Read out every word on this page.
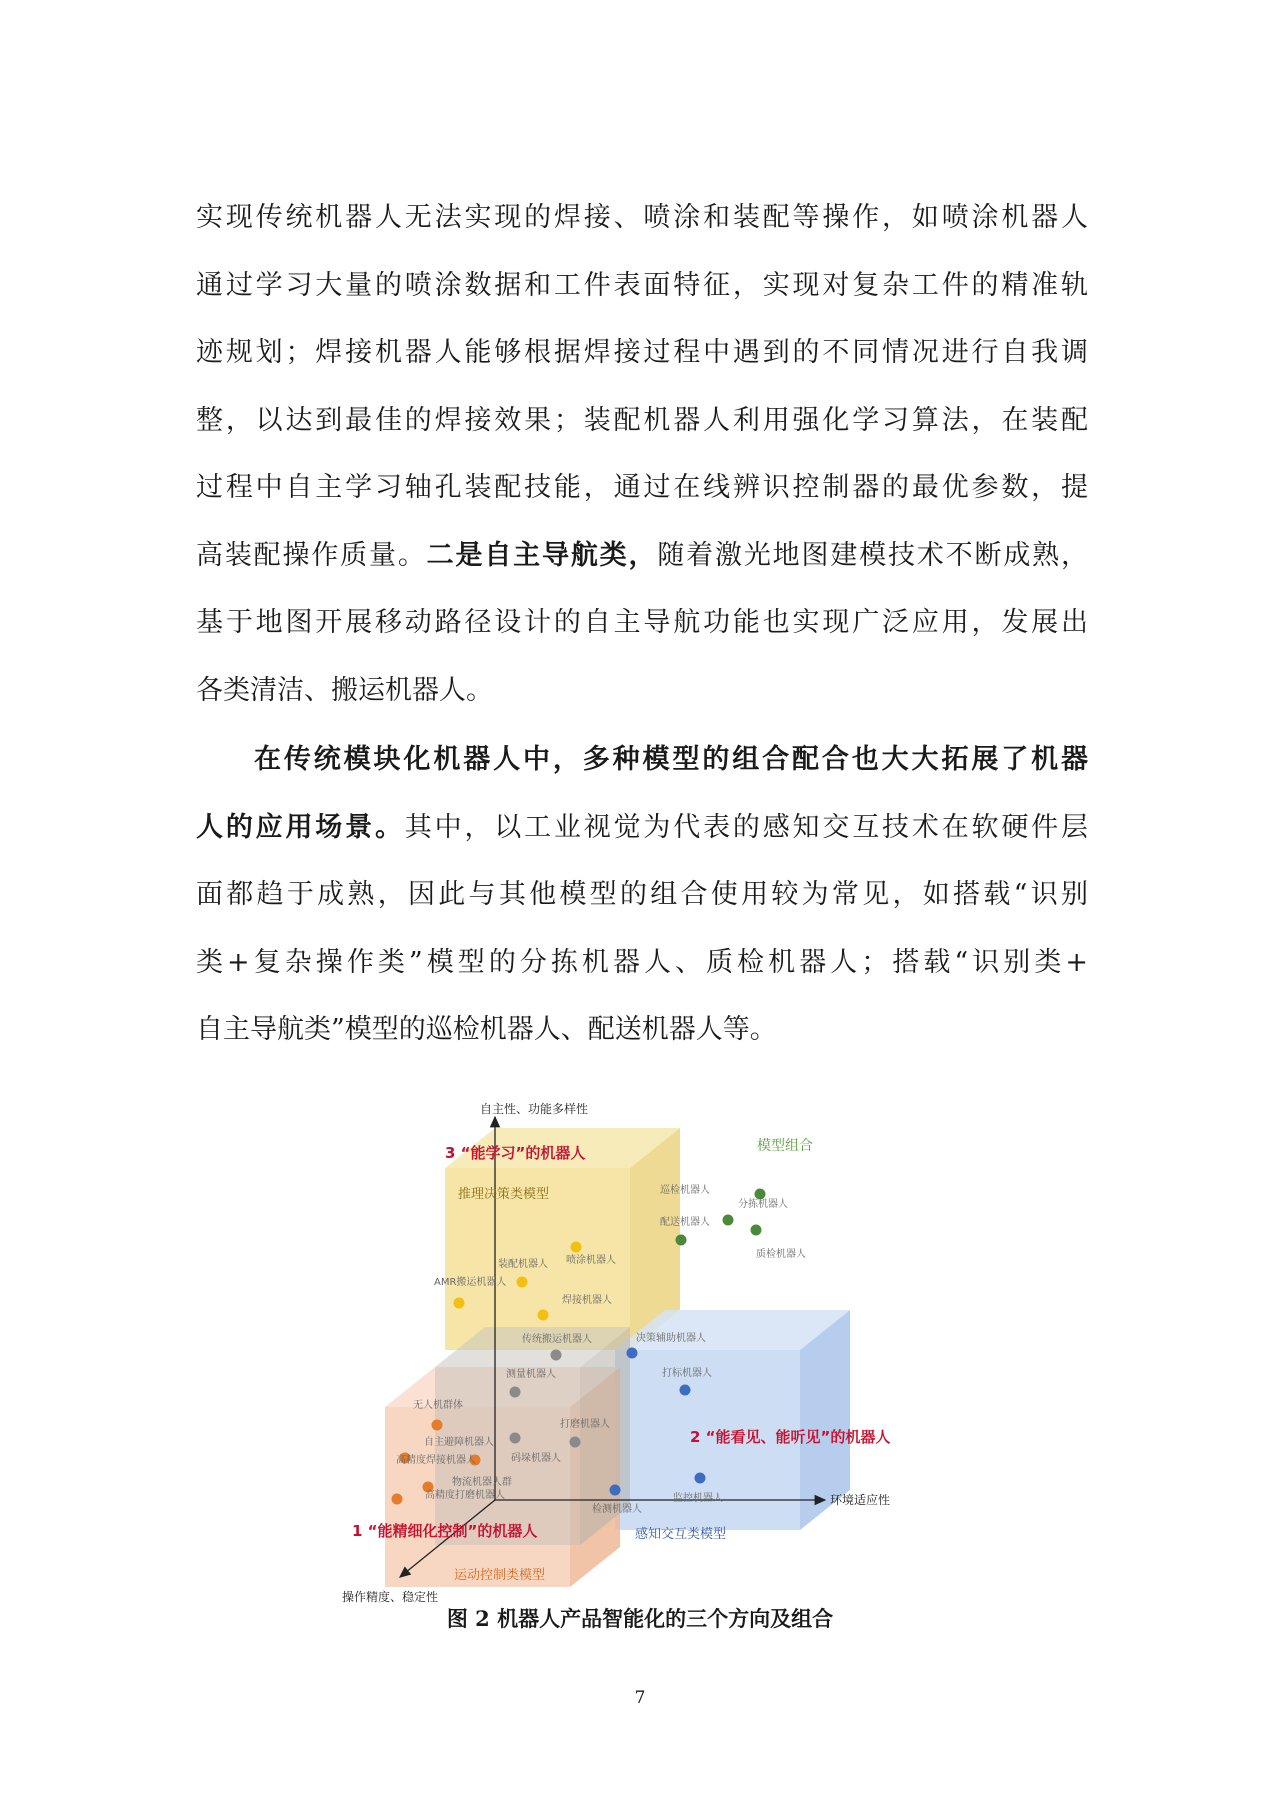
实现传统机器人无法实现的焊接、喷涂和装配等操作，如喷涂机器人
通过学习大量的喷涂数据和工件表面特征，实现对复杂工件的精准轨
迹规划；焊接机器人能够根据焊接过程中遇到的不同情况进行自我调
整，以达到最佳的焊接效果；装配机器人利用强化学习算法，在装配
过程中自主学习轴孔装配技能，通过在线辨识控制器的最优参数，提
高装配操作质量。二是自主导航类，随着激光地图建模技术不断成熟，
基于地图开展移动路径设计的自主导航功能也实现广泛应用，发展出
各类清洁、搬运机器人。
在传统模块化机器人中，多种模型的组合配合也大大拓展了机器
人的应用场景。其中，以工业视觉为代表的感知交互技术在软硬件层
面都趋于成熟，因此与其他模型的组合使用较为常见，如搭载“识别
类+复杂操作类”模型的分拣机器人、质检机器人；搭载“识别类+
自主导航类”模型的巡检机器人、配送机器人等。
自主性、功能多样性
环境适应性
操作精度、稳定性
3 “能学习”的机器人
2 “能看见、能听见”的机器人
1 “能精细化控制”的机器人
推理决策类模型
感知交互类模型
运动控制类模型
模型组合
AMR搬运机器人
装配机器人 喷涂机器人
焊接机器人
决策辅助机器人
打标机器人
监控机器人
检测机器人
传统搬运机器人
测量机器人
打磨机器人
码垛机器人
无人机群体
自主避障机器人
高精度焊接机器人
物流机器人群
高精度打磨机器人
巡检机器人
分拣机器人
配送机器人
质检机器人
图 2 机器人产品智能化的三个方向及组合
7
